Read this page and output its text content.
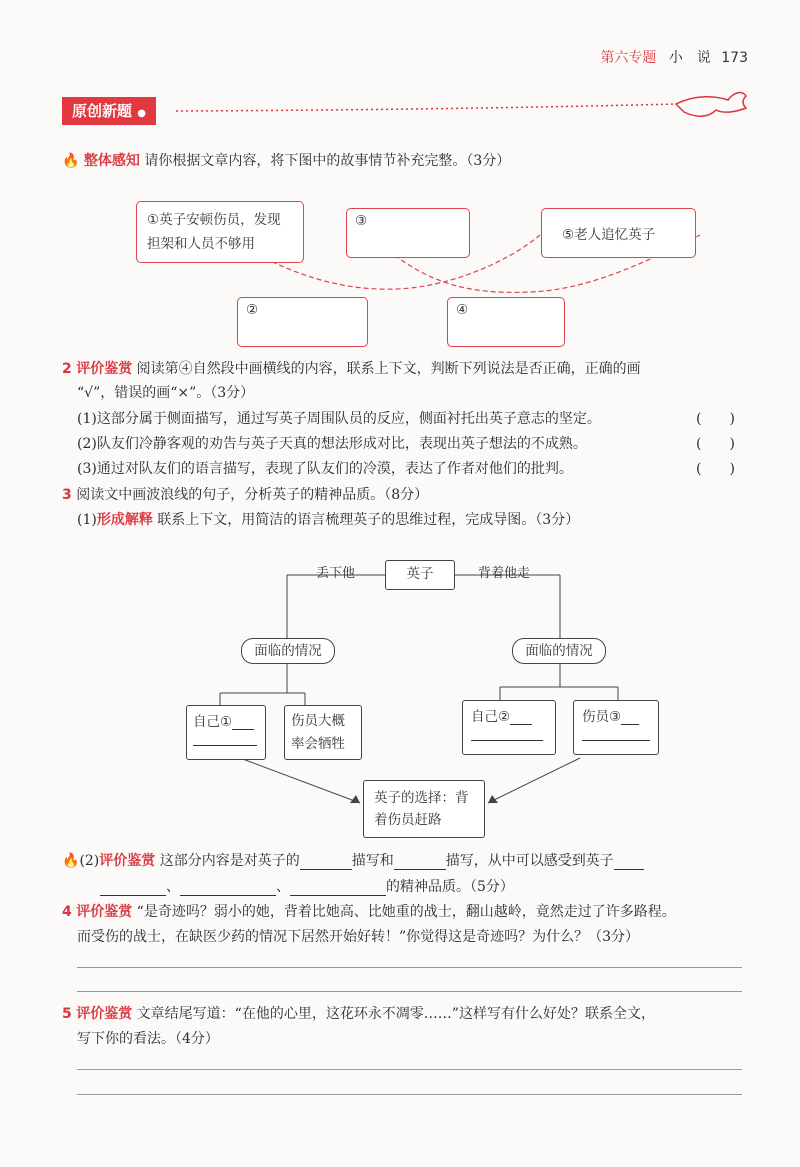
第六专题 小　说 173
原创新题 ●
🔥 整体感知 请你根据文章内容，将下图中的故事情节补充完整。（3分）
①英子安顿伤员，发现担架和人员不够用
③
⑤老人追忆英子
②	④
2 评价鉴赏 阅读第④自然段中画横线的内容，联系上下文，判断下列说法是否正确，正确的画
“√”，错误的画“×”。（3分）
(1)这部分属于侧面描写，通过写英子周围队员的反应，侧面衬托出英子意志的坚定。	(　　)
(2)队友们冷静客观的劝告与英子天真的想法形成对比，表现出英子想法的不成熟。	(　　)
(3)通过对队友们的语言描写，表现了队友们的冷漠，表达了作者对他们的批判。	(　　)
3 阅读文中画波浪线的句子，分析英子的精神品质。（8分）
(1)形成解释 联系上下文，用简洁的语言梳理英子的思维过程，完成导图。（3分）
丢下他	背着他走
英子
面临的情况	面临的情况
自己①	伤员大概率会牺牲
自己②	伤员③

英子的选择：背着伤员赶路
🔥(2)评价鉴赏 这部分内容是对英子的	描写和	描写，从中可以感受到英子
、	、	的精神品质。（5分）
4 评价鉴赏 “是奇迹吗？弱小的她，背着比她高、比她重的战士，翻山越岭，竟然走过了许多路程。
而受伤的战士，在缺医少药的情况下居然开始好转！”你觉得这是奇迹吗？为什么？（3分）
5 评价鉴赏 文章结尾写道：“在他的心里，这花环永不凋零……”这样写有什么好处？联系全文，
写下你的看法。（4分）
